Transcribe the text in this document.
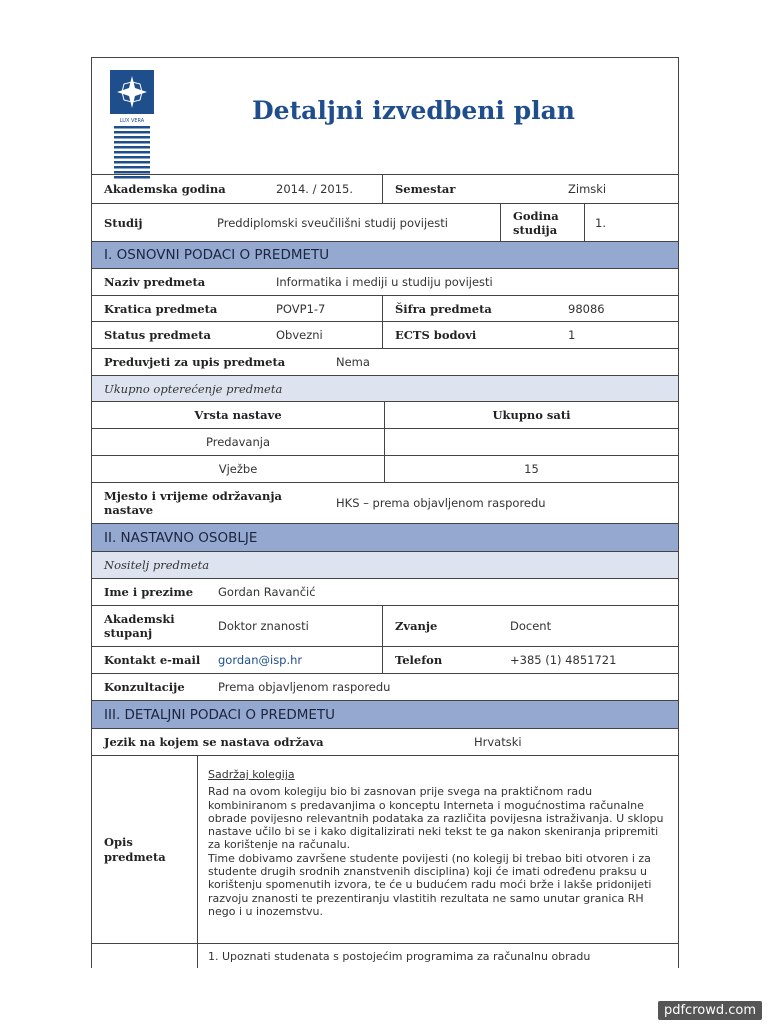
LUX VERA	Detaljni izvedbeni plan
Akademska godina	2014. / 2015.	Semestar	Zimski
Studij	Preddiplomski sveučilišni studij povijesti	Godina studija	1.
I. OSNOVNI PODACI O PREDMETU
Naziv predmeta	Informatika i mediji u studiju povijesti
Kratica predmeta	POVP1-7	Šifra predmeta	98086
Status predmeta	Obvezni	ECTS bodovi	1
Preduvjeti za upis predmeta	Nema
Ukupno opterećenje predmeta
Vrsta nastave	Ukupno sati
Predavanja
Vježbe	15
Mjesto i vrijeme održavanja nastave	HKS – prema objavljenom rasporedu
II. NASTAVNO OSOBLJE
Nositelj predmeta
Ime i prezime	Gordan Ravančić
Akademski stupanj	Doktor znanosti	Zvanje	Docent
Kontakt e-mail	gordan@isp.hr	Telefon	+385 (1) 4851721
Konzultacije	Prema objavljenom rasporedu
III. DETALJNI PODACI O PREDMETU
Jezik na kojem se nastava održava	Hrvatski
Opis predmeta
Sadržaj kolegija
Rad na ovom kolegiju bio bi zasnovan prije svega na praktičnom radu kombiniranom s predavanjima o konceptu Interneta i mogućnostima računalne obrade povijesno relevantnih podataka za različita povijesna istraživanja. U sklopu nastave učilo bi se i kako digitalizirati neki tekst te ga nakon skeniranja pripremiti za korištenje na računalu.
Time dobivamo završene studente povijesti (no kolegij bi trebao biti otvoren i za studente drugih srodnih znanstvenih disciplina) koji će imati određenu praksu u korištenju spomenutih izvora, te će u budućem radu moći brže i lakše pridonijeti razvoju znanosti te prezentiranju vlastitih rezultata ne samo unutar granica RH nego i u inozemstvu.
1. Upoznati studenata s postojećim programima za računalnu obradu
pdfcrowd.com
